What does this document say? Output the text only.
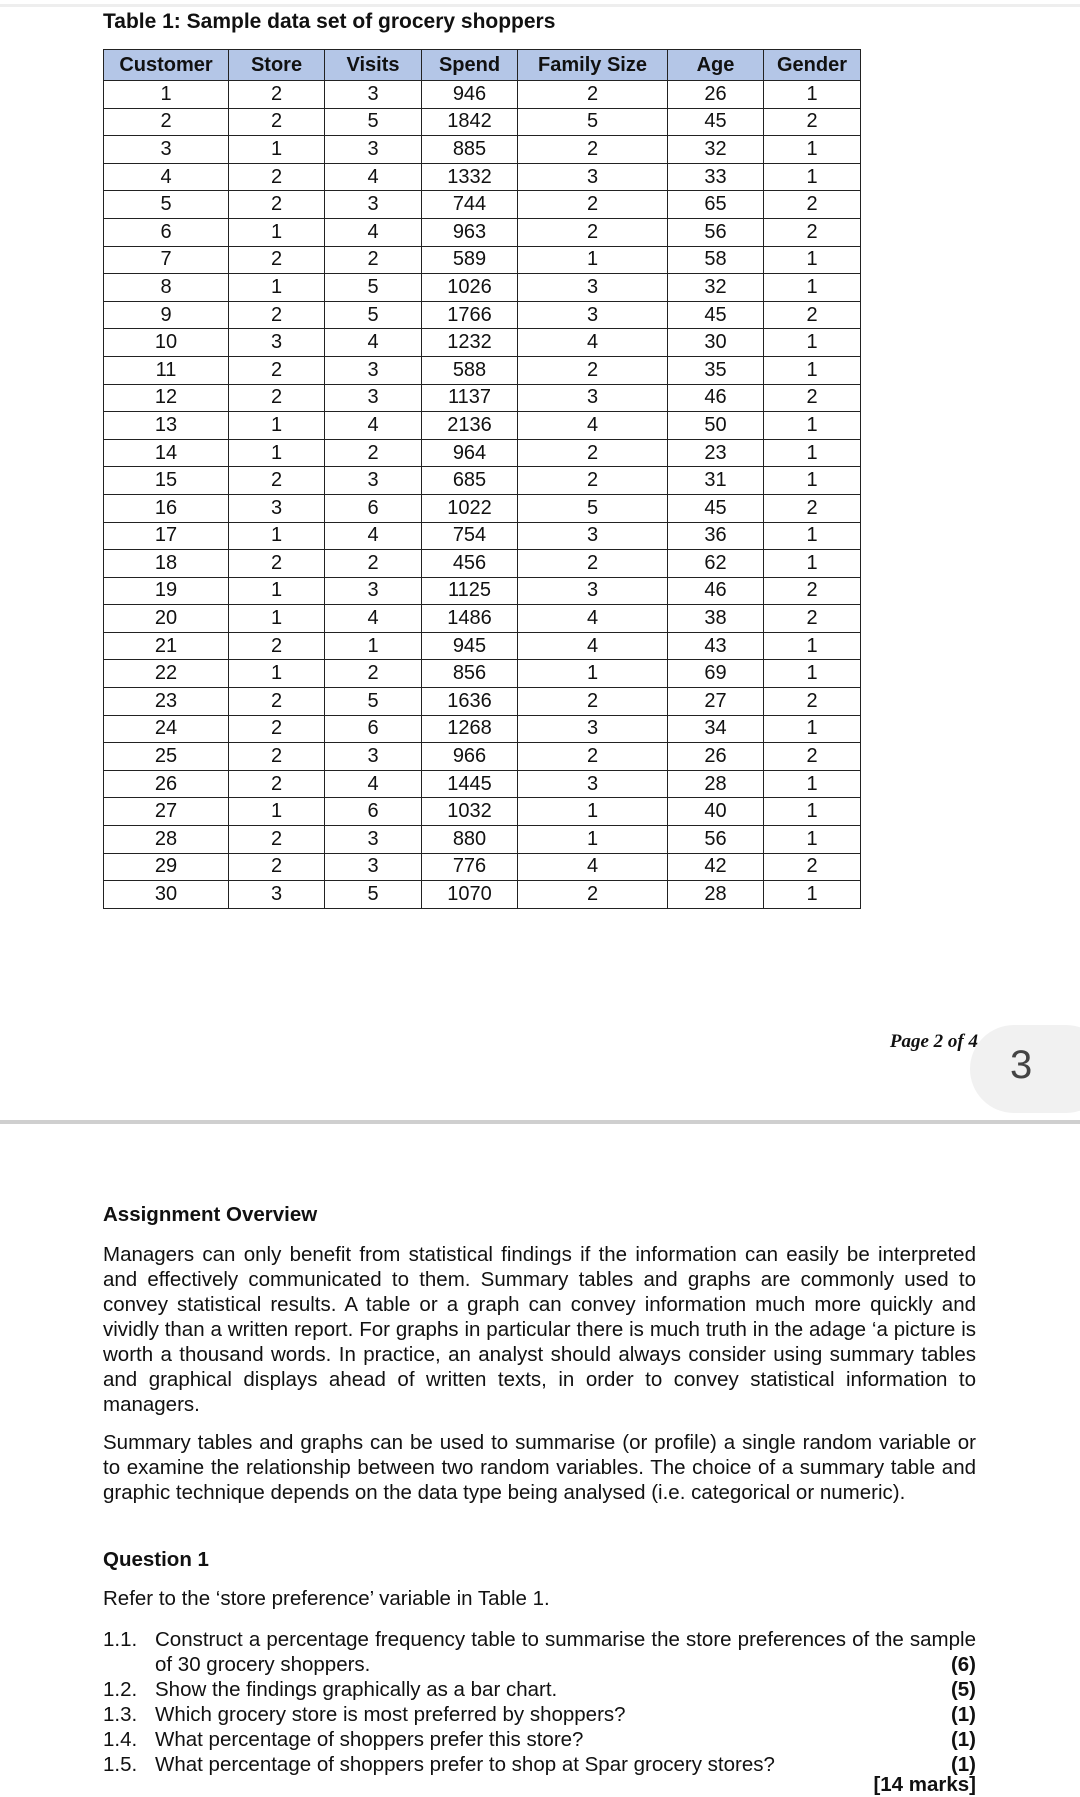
Table 1: Sample data set of grocery shoppers
Customer	Store	Visits	Spend	Family Size	Age	Gender
1	2	3	946	2	26	1
2	2	5	1842	5	45	2
3	1	3	885	2	32	1
4	2	4	1332	3	33	1
5	2	3	744	2	65	2
6	1	4	963	2	56	2
7	2	2	589	1	58	1
8	1	5	1026	3	32	1
9	2	5	1766	3	45	2
10	3	4	1232	4	30	1
11	2	3	588	2	35	1
12	2	3	1137	3	46	2
13	1	4	2136	4	50	1
14	1	2	964	2	23	1
15	2	3	685	2	31	1
16	3	6	1022	5	45	2
17	1	4	754	3	36	1
18	2	2	456	2	62	1
19	1	3	1125	3	46	2
20	1	4	1486	4	38	2
21	2	1	945	4	43	1
22	1	2	856	1	69	1
23	2	5	1636	2	27	2
24	2	6	1268	3	34	1
25	2	3	966	2	26	2
26	2	4	1445	3	28	1
27	1	6	1032	1	40	1
28	2	3	880	1	56	1
29	2	3	776	4	42	2
30	3	5	1070	2	28	1
Page 2 of 4
3
Assignment Overview
Managers can only benefit from statistical findings if the information can easily be interpreted and effectively communicated to them. Summary tables and graphs are commonly used to convey statistical results. A table or a graph can convey information much more quickly and vividly than a written report. For graphs in particular there is much truth in the adage ‘a picture is worth a thousand words. In practice, an analyst should always consider using summary tables and graphical displays ahead of written texts, in order to convey statistical information to managers.
Summary tables and graphs can be used to summarise (or profile) a single random variable or to examine the relationship between two random variables. The choice of a summary table and graphic technique depends on the data type being analysed (i.e. categorical or numeric).
Question 1
Refer to the ‘store preference’ variable in Table 1.
1.1. Construct a percentage frequency table to summarise the store preferences of the sample of 30 grocery shoppers.	(6)
1.2. Show the findings graphically as a bar chart.	(5)
1.3. Which grocery store is most preferred by shoppers?	(1)
1.4. What percentage of shoppers prefer this store?	(1)
1.5. What percentage of shoppers prefer to shop at Spar grocery stores?	(1)
[14 marks]
